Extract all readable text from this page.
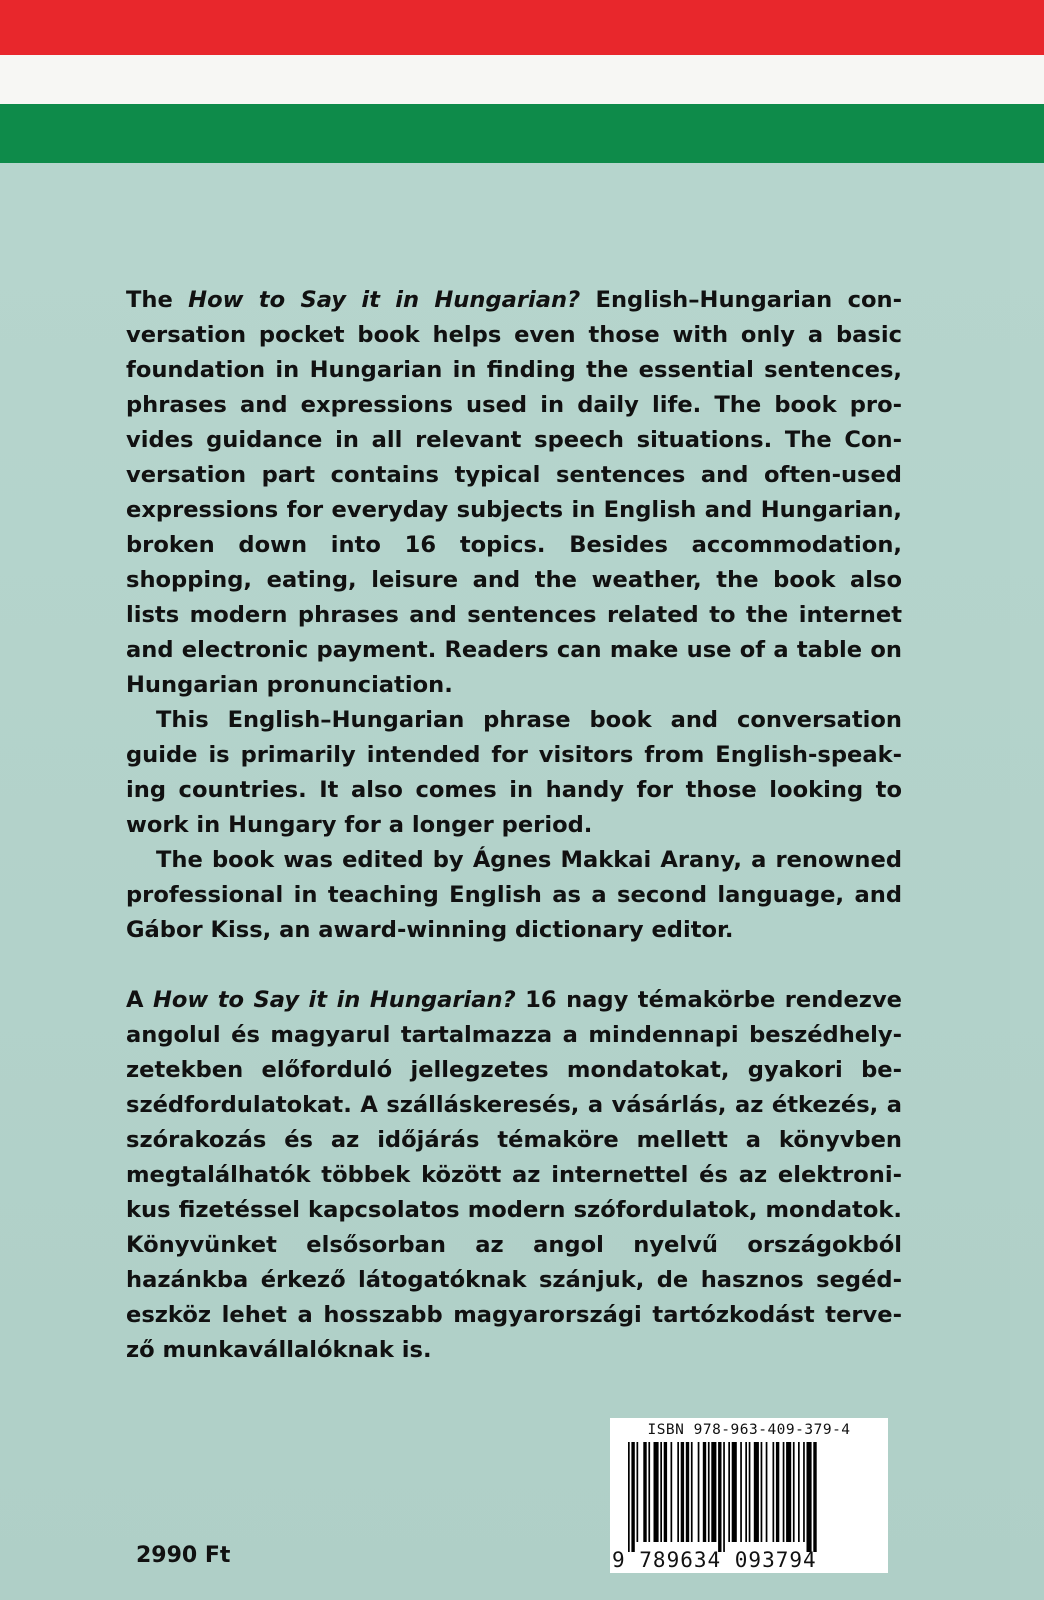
The How to Say it in Hungarian? English–Hungarian conversation pocket book helps even those with only a basic foundation in Hungarian in finding the essential sentences, phrases and expressions used in daily life. The book provides guidance in all relevant speech situations. The Conversation part contains typical sentences and often-used expressions for everyday subjects in English and Hungarian, broken down into 16 topics. Besides accommodation, shopping, eating, leisure and the weather, the book also lists modern phrases and sentences related to the internet and electronic payment. Readers can make use of a table on Hungarian pronunciation.

This English–Hungarian phrase book and conversation guide is primarily intended for visitors from English-speaking countries. It also comes in handy for those looking to work in Hungary for a longer period.

The book was edited by Ágnes Makkai Arany, a renowned professional in teaching English as a second language, and Gábor Kiss, an award-winning dictionary editor.

A How to Say it in Hungarian? 16 nagy témakörbe rendezve angolul és magyarul tartalmazza a mindennapi beszédhelyzetekben előforduló jellegzetes mondatokat, gyakori beszédfordulatokat. A szálláskeresés, a vásárlás, az étkezés, a szórakozás és az időjárás témaköre mellett a könyvben megtalálhatók többek között az internettel és az elektronikus fizetéssel kapcsolatos modern szófordulatok, mondatok. Könyvünket elsősorban az angol nyelvű országokból hazánkba érkező látogatóknak szánjuk, de hasznos segédeszköz lehet a hosszabb magyarországi tartózkodást tervező munkavállalóknak is.

2990 Ft
ISBN 978-963-409-379-4
9 789634 093794
